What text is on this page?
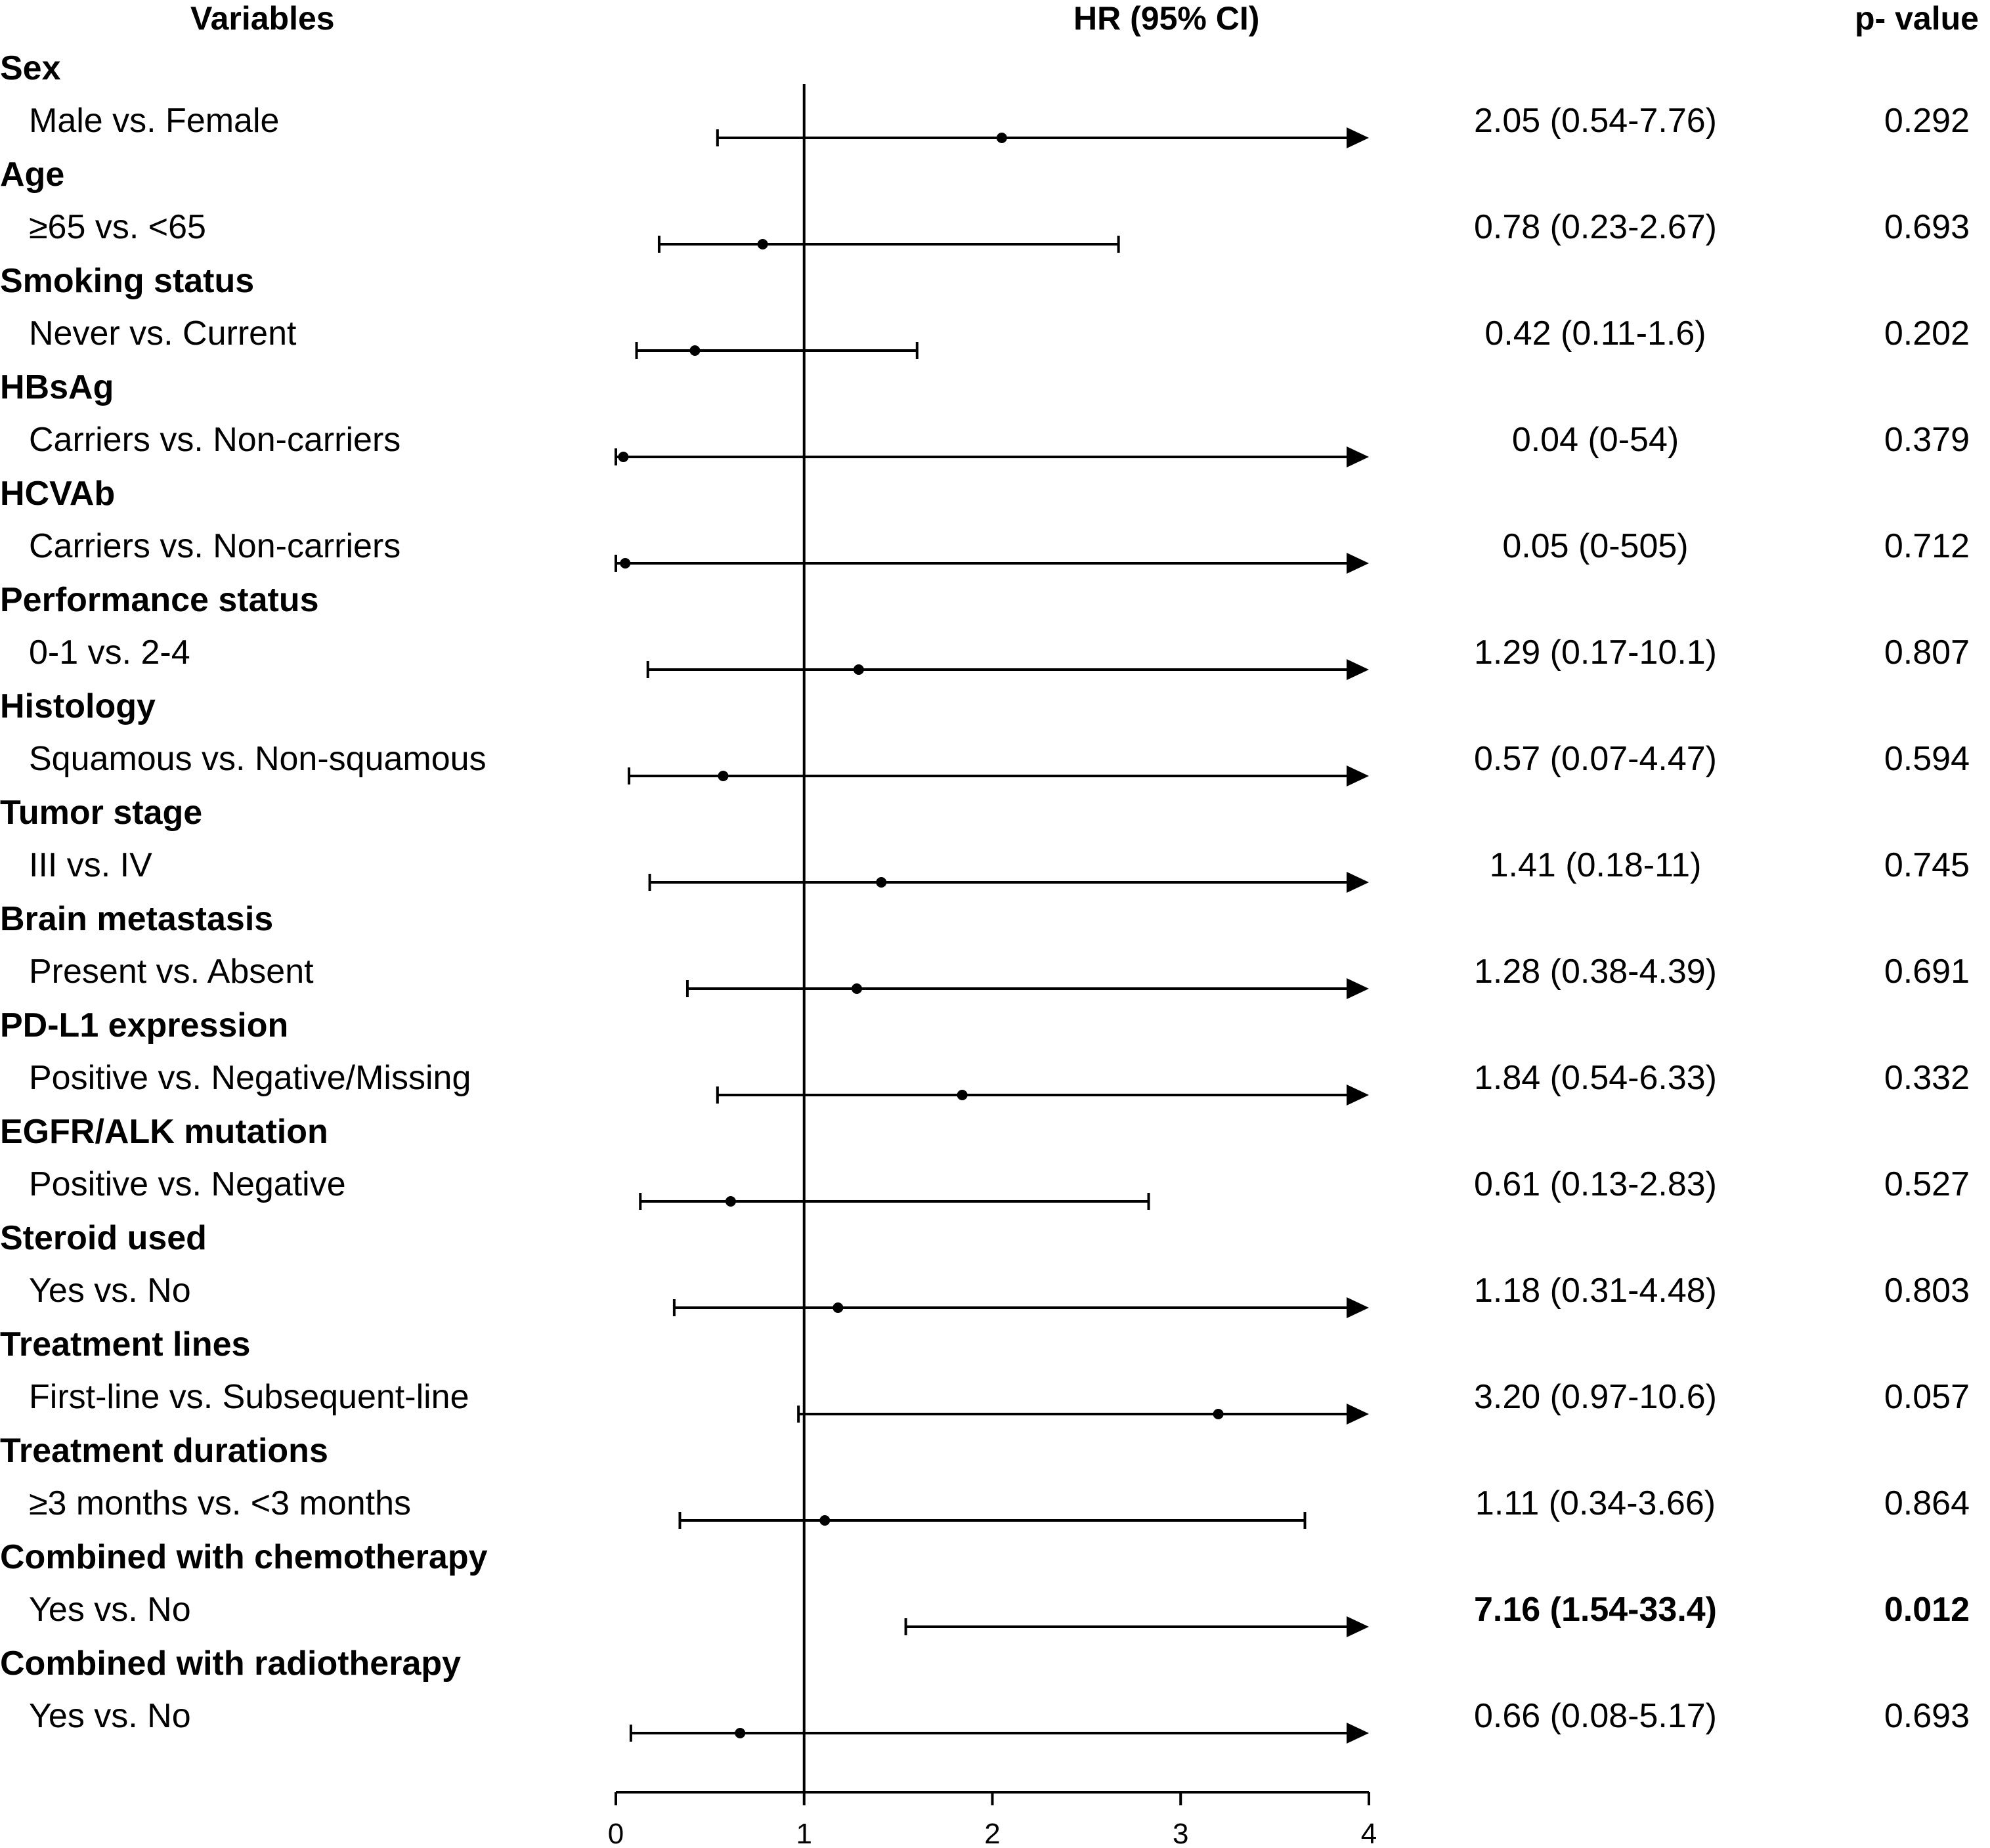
0	1	2	3	4
Variables	HR (95% CI)	p- value
Sex
Male vs. Female	2.05 (0.54-7.76)	0.292
Age
≥65 vs. <65	0.78 (0.23-2.67)	0.693
Smoking status
Never vs. Current	0.42 (0.11-1.6)	0.202
HBsAg
Carriers vs. Non-carriers	0.04 (0-54)	0.379
HCVAb
Carriers vs. Non-carriers	0.05 (0-505)	0.712
Performance status
0-1 vs. 2-4	1.29 (0.17-10.1)	0.807
Histology
Squamous vs. Non-squamous	0.57 (0.07-4.47)	0.594
Tumor stage
III vs. IV	1.41 (0.18-11)	0.745
Brain metastasis
Present vs. Absent	1.28 (0.38-4.39)	0.691
PD-L1 expression
Positive vs. Negative/Missing	1.84 (0.54-6.33)	0.332
EGFR/ALK mutation
Positive vs. Negative	0.61 (0.13-2.83)	0.527
Steroid used
Yes vs. No	1.18 (0.31-4.48)	0.803
Treatment lines
First-line vs. Subsequent-line	3.20 (0.97-10.6)	0.057
Treatment durations
≥3 months vs. <3 months	1.11 (0.34-3.66)	0.864
Combined with chemotherapy
Yes vs. No	7.16 (1.54-33.4)	0.012
Combined with radiotherapy
Yes vs. No	0.66 (0.08-5.17)	0.693
